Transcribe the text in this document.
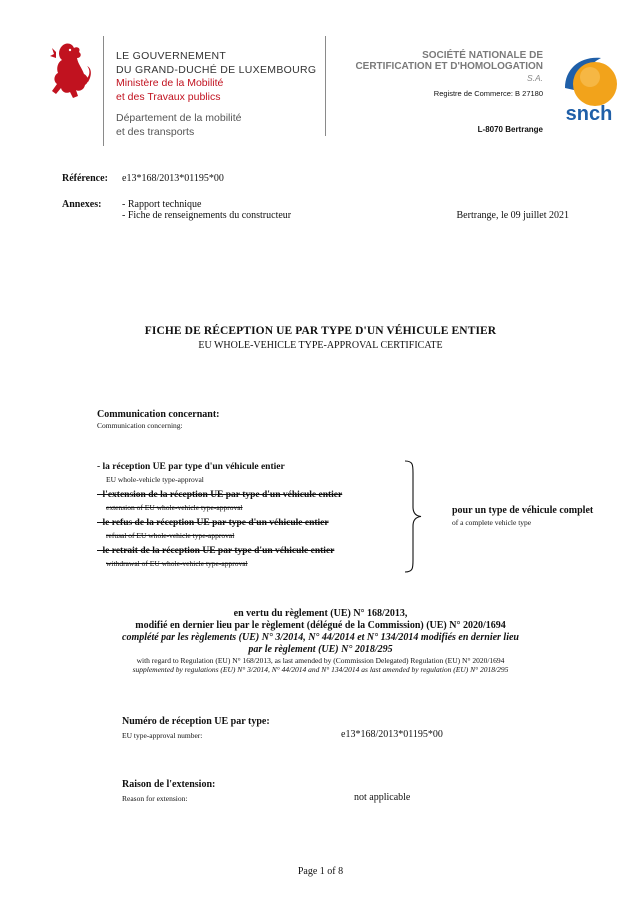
LE GOUVERNEMENT
DU GRAND-DUCHÉ DE LUXEMBOURG
Ministère de la Mobilité
et des Travaux publics
Département de la mobilité
et des transports
SOCIÉTÉ NATIONALE DE
CERTIFICATION ET D'HOMOLOGATION
S.A.
Registre de Commerce: B 27180
L-8070 Bertrange
snch
Référence: e13*168/2013*01195*00
Annexes: - Rapport technique
- Fiche de renseignements du constructeur	Bertrange, le 09 juillet 2021
FICHE DE RÉCEPTION UE PAR TYPE D'UN VÉHICULE ENTIER
EU WHOLE-VEHICLE TYPE-APPROVAL CERTIFICATE
Communication concernant:
Communication concerning:
- la réception UE par type d'un véhicule entier
EU whole-vehicle type-approval
- l'extension de la réception UE par type d'un véhicule entier
extension of EU whole-vehicle type-approval
- le refus de la réception UE par type d'un véhicule entier
refusal of EU whole-vehicle type-approval
- le retrait de la réception UE par type d'un véhicule entier
withdrawal of EU whole-vehicle type-approval
pour un type de véhicule complet
of a complete vehicle type
en vertu du règlement (UE) N° 168/2013,
modifié en dernier lieu par le règlement (délégué de la Commission) (UE) N° 2020/1694
complété par les règlements (UE) N° 3/2014, N° 44/2014 et N° 134/2014 modifiés en dernier lieu
par le règlement (UE) N° 2018/295
with regard to Regulation (EU) N° 168/2013, as last amended by (Commission Delegated) Regulation (EU) N° 2020/1694
supplemented by regulations (EU) N° 3/2014, N° 44/2014 and N° 134/2014 as last amended by regulation (EU) N° 2018/295
Numéro de réception UE par type:
EU type-approval number:	e13*168/2013*01195*00
Raison de l'extension:
Reason for extension:	not applicable
Page 1 of 8
